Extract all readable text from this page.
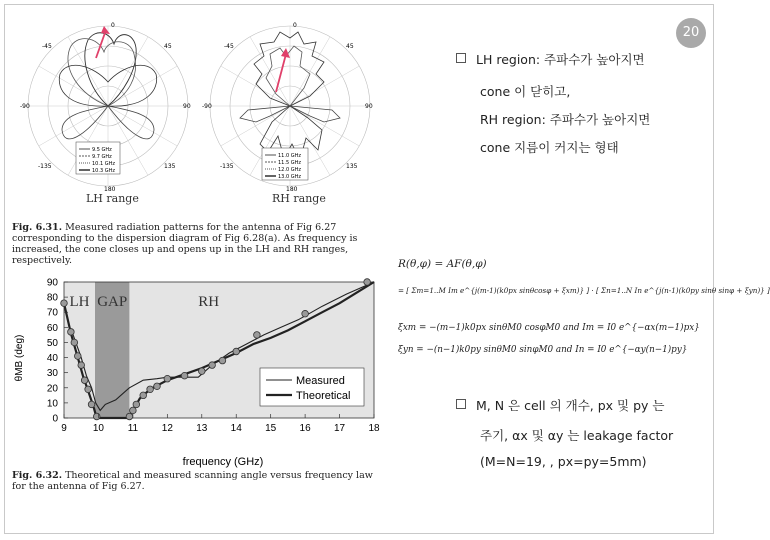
20
0
-90	90
180
-45	45
-135	135
9.5 GHz
9.7 GHz
10.1 GHz
10.3 GHz
LH range
0
-90	90
180
-45	45
-135	135
11.0 GHz
11.5 GHz
12.0 GHz
13.0 GHz
RH range
Fig. 6.31. Measured radiation patterns for the antenna of Fig 6.27 corresponding to the dispersion diagram of Fig 6.28(a). As frequency is increased, the cone closes up and opens up in the LH and RH ranges, respectively.
9	10 11 12 13 14 15 16 17 18
0
10
20
30
40
50
60
70
80
90
frequency (GHz)
θMB (deg)
LH GAP	RH
Measured
Theoretical
Fig. 6.32. Theoretical and measured scanning angle versus frequency law for the antenna of Fig 6.27.
LH region: 주파수가 높아지면
cone 이 닫히고,
RH region: 주파수가 높아지면
cone 지름이 커지는 형태
R(θ,φ) = AF(θ,φ)
= [ Σm=1..M Im e^{j(m-1)(k0px sinθcosφ + ξxm)} ] · [ Σn=1..N In e^{j(n-1)(k0py sinθ sinφ + ξyn)} ]
ξxm = −(m−1)k0px sinθM0 cosφM0 and Im = I0 e^{−αx(m−1)px}
ξyn = −(n−1)k0py sinθM0 sinφM0 and In = I0 e^{−αy(n−1)py}
M, N 은 cell 의 개수, px 및 py 는
주기, αx 및 αy 는 leakage factor
(M=N=19, , px=py=5mm)
